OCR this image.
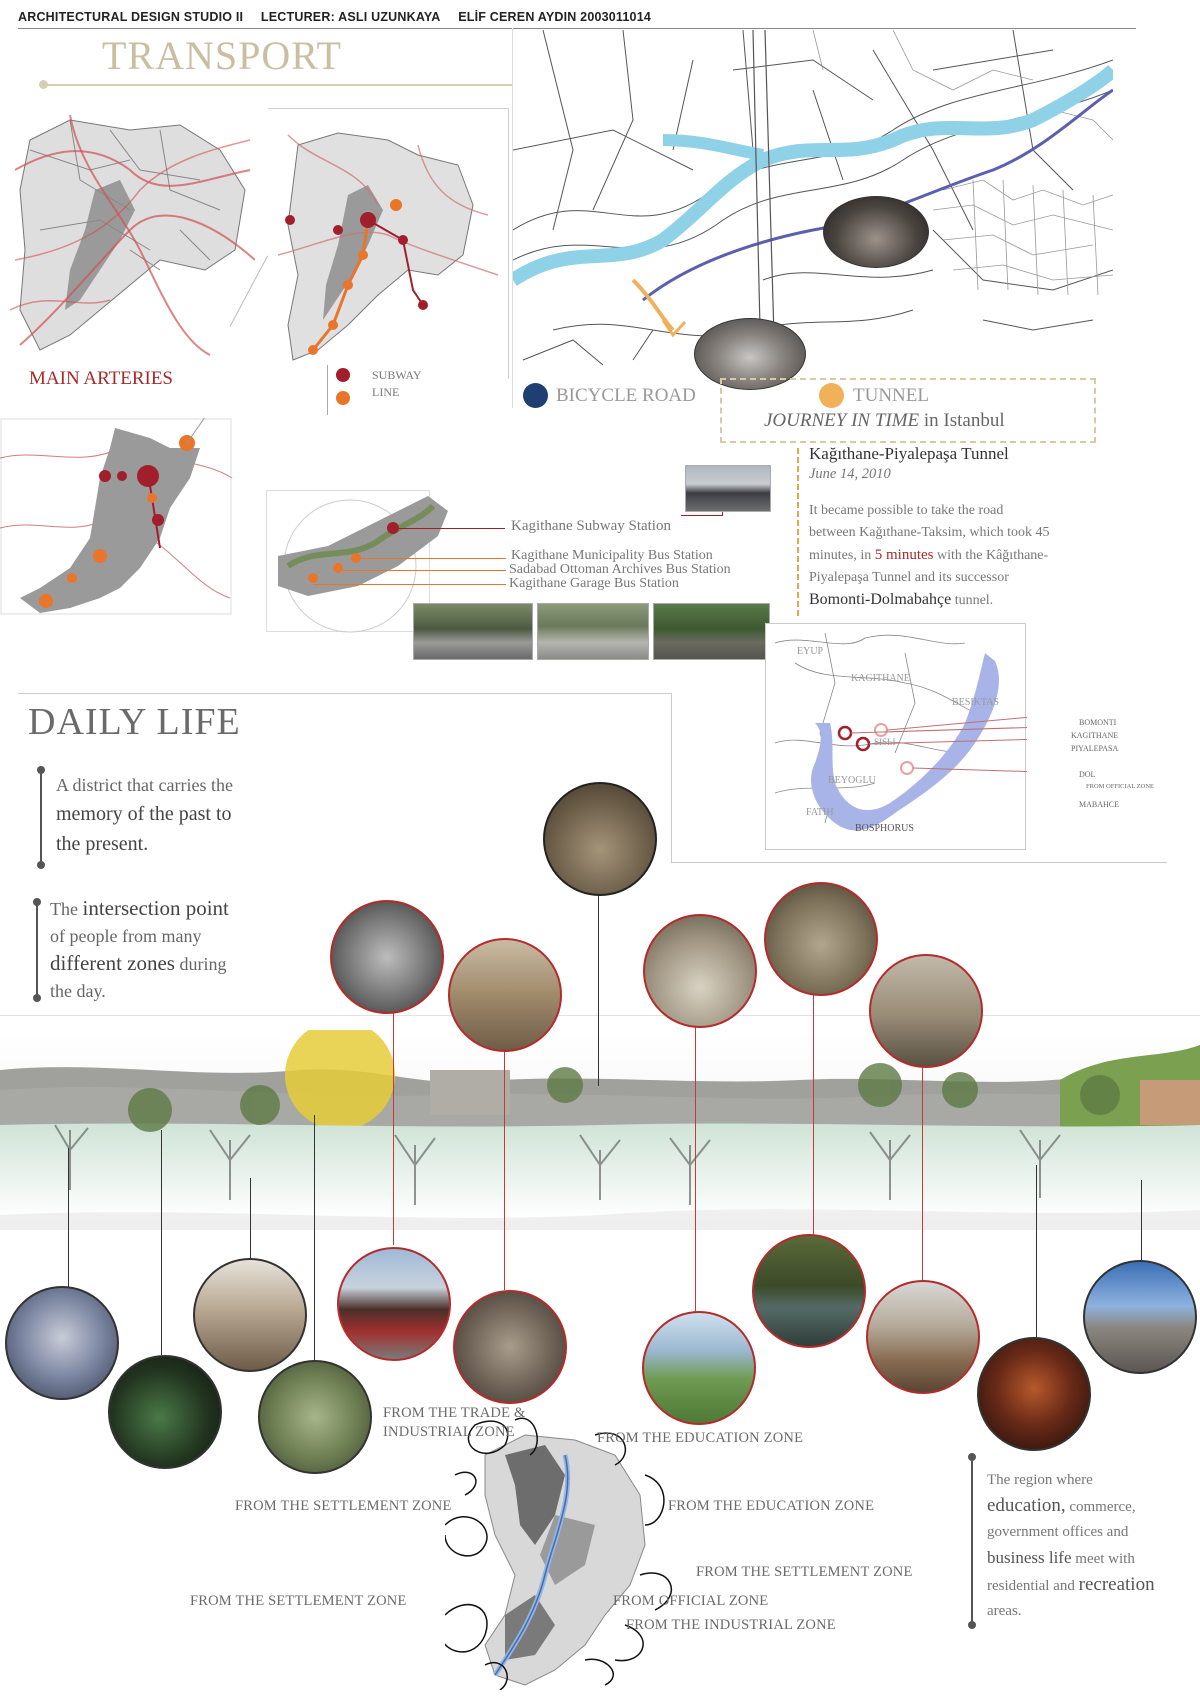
ARCHITECTURAL DESIGN STUDIO II LECTURER: ASLI UZUNKAYA ELİF CEREN AYDIN 2003011014
TRANSPORT
MAIN ARTERIES	SUBWAY
LINE	BICYCLE ROAD	TUNNEL
JOURNEY IN TIME in Istanbul
Kagithane Subway Station
Kagithane Municipality Bus Station
Sadabad Ottoman Archives Bus Station
Kagithane Garage Bus Station
Kağıthane-Piyalepaşa Tunnel
June 14, 2010
It became possible to take the road between Kağıthane-Taksim, which took 45 minutes, in 5 minutes with the Kâğıthane-Piyalepaşa Tunnel and its successor Bomonti-Dolmabahçe tunnel.
EYUP
KAGITHANE
BESIKTAS
SISLI
BEYOGLU
FATIH
BOSPHORUS
BOMONTI
KAGITHANE
PIYALEPASA
DOL
FROM OFFICIAL ZONE
MABAHCE
DAILY LIFE
A district that carries the
memory of the past to
the present.
The intersection point
of people from many
different zones during
the day.
FROM THE TRADE &
INDUSTRIAL ZONE	FROM THE EDUCATION ZONE
FROM THE SETTLEMENT ZONE	FROM THE EDUCATION ZONE
FROM THE SETTLEMENT ZONE
FROM THE SETTLEMENT ZONE	FROM OFFICIAL ZONE
FROM THE INDUSTRIAL ZONE
The region where
education, commerce,
government offices and
business life meet with
residential and recreation
areas.
